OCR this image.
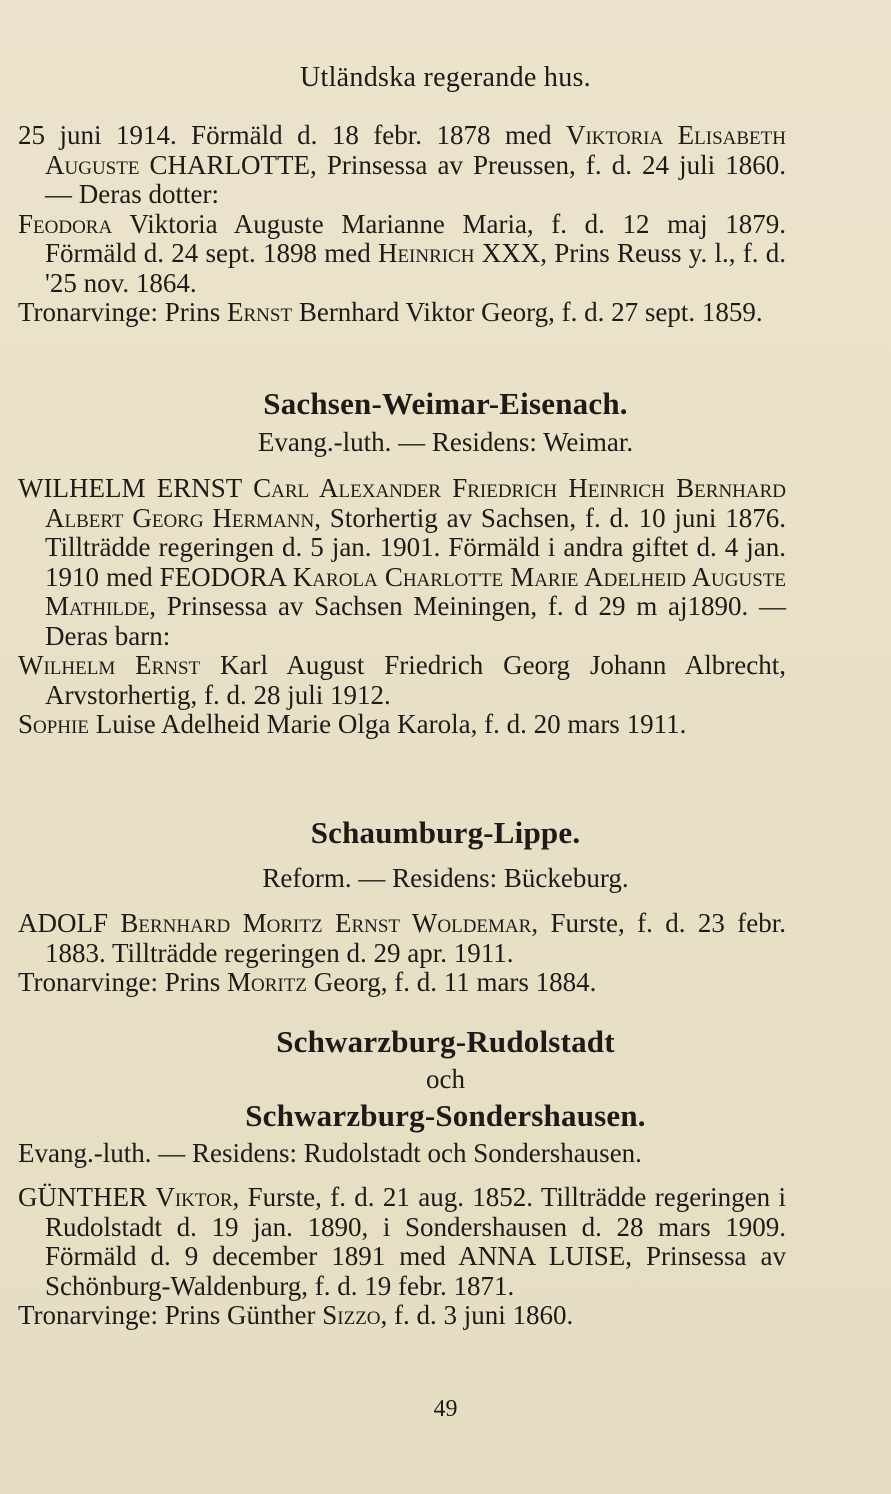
Utländska regerande hus.

25 juni 1914. Förmäld d. 18 febr. 1878 med Viktoria Elisabeth Auguste CHARLOTTE, Prinsessa av Preussen, f. d. 24 juli 1860. — Deras dotter:

Feodora Viktoria Auguste Marianne Maria, f. d. 12 maj 1879. Förmäld d. 24 sept. 1898 med Heinrich XXX, Prins Reuss y. l., f. d. '25 nov. 1864.

Tronarvinge: Prins Ernst Bernhard Viktor Georg, f. d. 27 sept. 1859.

Sachsen-Weimar-Eisenach.
Evang.-luth. — Residens: Weimar.

WILHELM ERNST Carl Alexander Friedrich Heinrich Bernhard Albert Georg Hermann, Storhertig av Sachsen, f. d. 10 juni 1876. Tillträdde regeringen d. 5 jan. 1901. Förmäld i andra giftet d. 4 jan. 1910 med FEODORA Karola Charlotte Marie Adelheid Auguste Mathilde, Prinsessa av Sachsen Meiningen, f. d 29 m aj1890. — Deras barn:

Wilhelm Ernst Karl August Friedrich Georg Johann Albrecht, Arvstorhertig, f. d. 28 juli 1912.

Sophie Luise Adelheid Marie Olga Karola, f. d. 20 mars 1911.

Schaumburg-Lippe.
Reform. — Residens: Bückeburg.

ADOLF Bernhard Moritz Ernst Woldemar, Furste, f. d. 23 febr. 1883. Tillträdde regeringen d. 29 apr. 1911.

Tronarvinge: Prins Moritz Georg, f. d. 11 mars 1884.

Schwarzburg-Rudolstadt
och
Schwarzburg-Sondershausen.

Evang.-luth. — Residens: Rudolstadt och Sondershausen.

GÜNTHER Viktor, Furste, f. d. 21 aug. 1852. Tillträdde regeringen i Rudolstadt d. 19 jan. 1890, i Sondershausen d. 28 mars 1909. Förmäld d. 9 december 1891 med ANNA LUISE, Prinsessa av Schönburg-Waldenburg, f. d. 19 febr. 1871.

Tronarvinge: Prins Günther Sizzo, f. d. 3 juni 1860.

49
